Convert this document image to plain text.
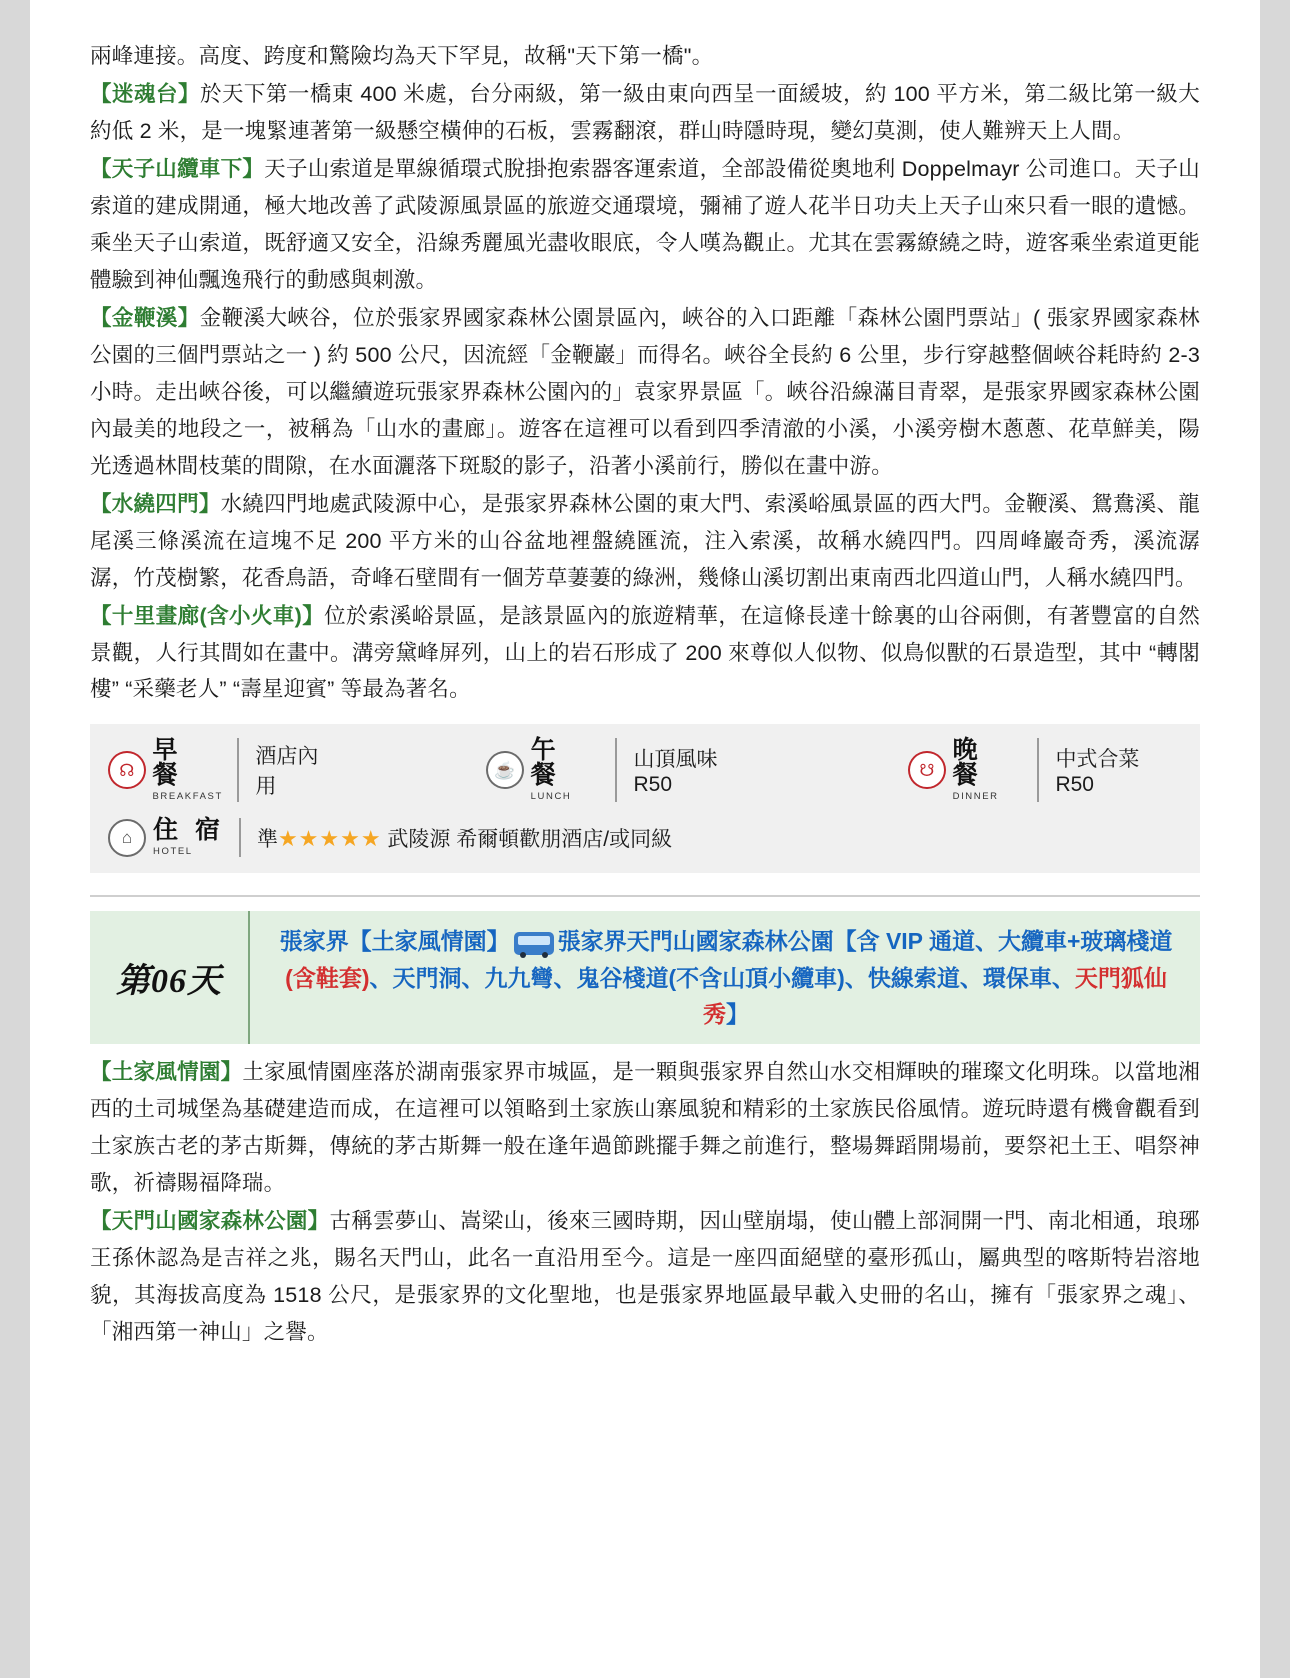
兩峰連接。高度、跨度和驚險均為天下罕見，故稱"天下第一橋"。

【迷魂台】於天下第一橋東 400 米處，台分兩級，第一級由東向西呈一面緩坡，約 100 平方米，第二級比第一級大約低 2 米，是一塊緊連著第一級懸空橫伸的石板，雲霧翻滾，群山時隱時現，變幻莫測，使人難辨天上人間。

【天子山纜車下】天子山索道是單線循環式脫掛抱索器客運索道，全部設備從奧地利 Doppelmayr 公司進口。天子山索道的建成開通，極大地改善了武陵源風景區的旅遊交通環境，彌補了遊人花半日功夫上天子山來只看一眼的遺憾。乘坐天子山索道，既舒適又安全，沿線秀麗風光盡收眼底，令人嘆為觀止。尤其在雲霧繚繞之時，遊客乘坐索道更能體驗到神仙飄逸飛行的動感與刺激。

【金鞭溪】金鞭溪大峽谷，位於張家界國家森林公園景區內，峽谷的入口距離「森林公園門票站」( 張家界國家森林公園的三個門票站之一 ) 約 500 公尺，因流經「金鞭巖」而得名。峽谷全長約 6 公里，步行穿越整個峽谷耗時約 2-3 小時。走出峽谷後，可以繼續遊玩張家界森林公園內的」袁家界景區「。峽谷沿線滿目青翠，是張家界國家森林公園內最美的地段之一，被稱為「山水的畫廊」。遊客在這裡可以看到四季清澈的小溪，小溪旁樹木蔥蔥、花草鮮美，陽光透過林間枝葉的間隙，在水面灑落下斑駁的影子，沿著小溪前行，勝似在畫中游。

【水繞四門】水繞四門地處武陵源中心，是張家界森林公園的東大門、索溪峪風景區的西大門。金鞭溪、鴛鴦溪、龍尾溪三條溪流在這塊不足 200 平方米的山谷盆地裡盤繞匯流，注入索溪，故稱水繞四門。四周峰巖奇秀，溪流潺潺，竹茂樹繁，花香鳥語，奇峰石壁間有一個芳草萋萋的綠洲，幾條山溪切割出東南西北四道山門，人稱水繞四門。

【十里畫廊(含小火車)】位於索溪峪景區，是該景區內的旅遊精華，在這條長達十餘裏的山谷兩側，有著豐富的自然景觀，人行其間如在畫中。溝旁黛峰屏列，山上的岩石形成了 200 來尊似人似物、似鳥似獸的石景造型，其中 “轉閣樓” “采藥老人” “壽星迎賓” 等最為著名。

☊
早 餐
BREAKFAST
酒店內用
☕
午 餐
LUNCH
山頂風味 R50
☋
晚 餐
DINNER
中式合菜 R50
⌂ 住 宿
HOTEL
準★★★★★ 武陵源 希爾頓歡朋酒店/或同級
第06天
張家界【土家風情園】 張家界天門山國家森林公園【含 VIP 通道、大纜車+玻璃棧道(含鞋套)、天門洞、九九彎、鬼谷棧道(不含山頂小纜車)、快線索道、環保車、天門狐仙秀】

【土家風情園】土家風情園座落於湖南張家界市城區，是一顆與張家界自然山水交相輝映的璀璨文化明珠。以當地湘西的土司城堡為基礎建造而成，在這裡可以領略到土家族山寨風貌和精彩的土家族民俗風情。遊玩時還有機會觀看到土家族古老的茅古斯舞，傳統的茅古斯舞一般在逢年過節跳擺手舞之前進行，整場舞蹈開場前，要祭祀土王、唱祭神歌，祈禱賜福降瑞。

【天門山國家森林公園】古稱雲夢山、嵩梁山，後來三國時期，因山壁崩塌，使山體上部洞開一門、南北相通，琅琊王孫休認為是吉祥之兆，賜名天門山，此名一直沿用至今。這是一座四面絕壁的臺形孤山，屬典型的喀斯特岩溶地貌，其海拔高度為 1518 公尺，是張家界的文化聖地，也是張家界地區最早載入史冊的名山，擁有「張家界之魂」、「湘西第一神山」之譽。
